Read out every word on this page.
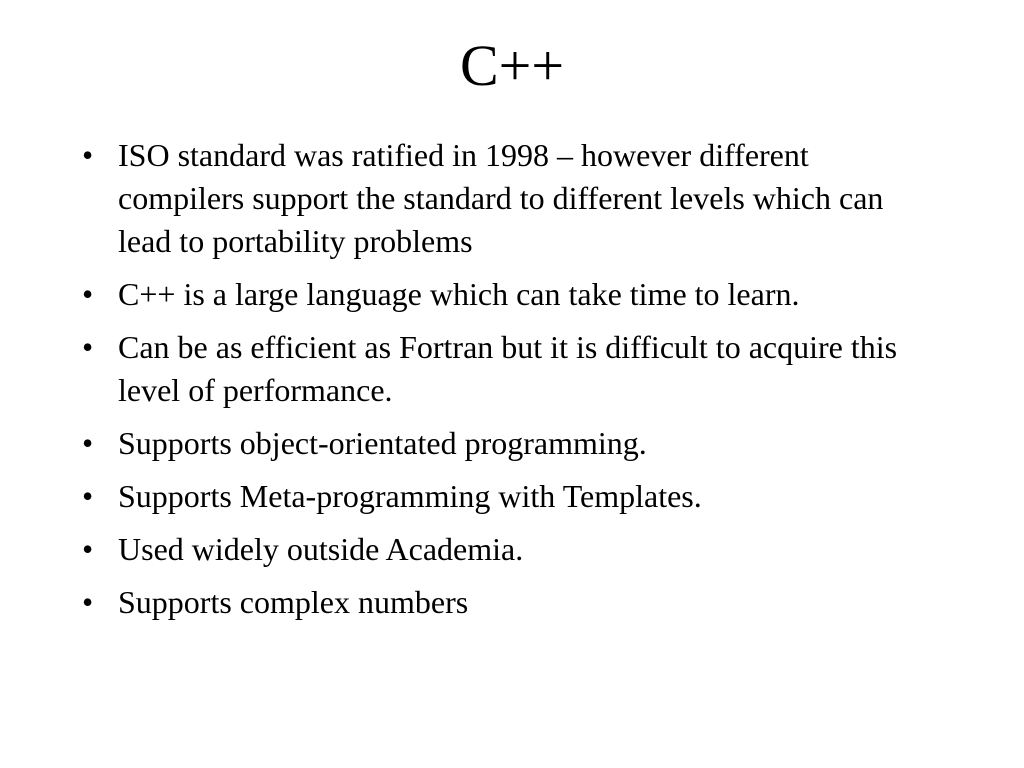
C++
• ISO standard was ratified in 1998 – however different compilers support the standard to different levels which can lead to portability problems
• C++ is a large language which can take time to learn.
• Can be as efficient as Fortran but it is difficult to acquire this level of performance.
• Supports object-orientated programming.
• Supports Meta-programming with Templates.
• Used widely outside Academia.
• Supports complex numbers
